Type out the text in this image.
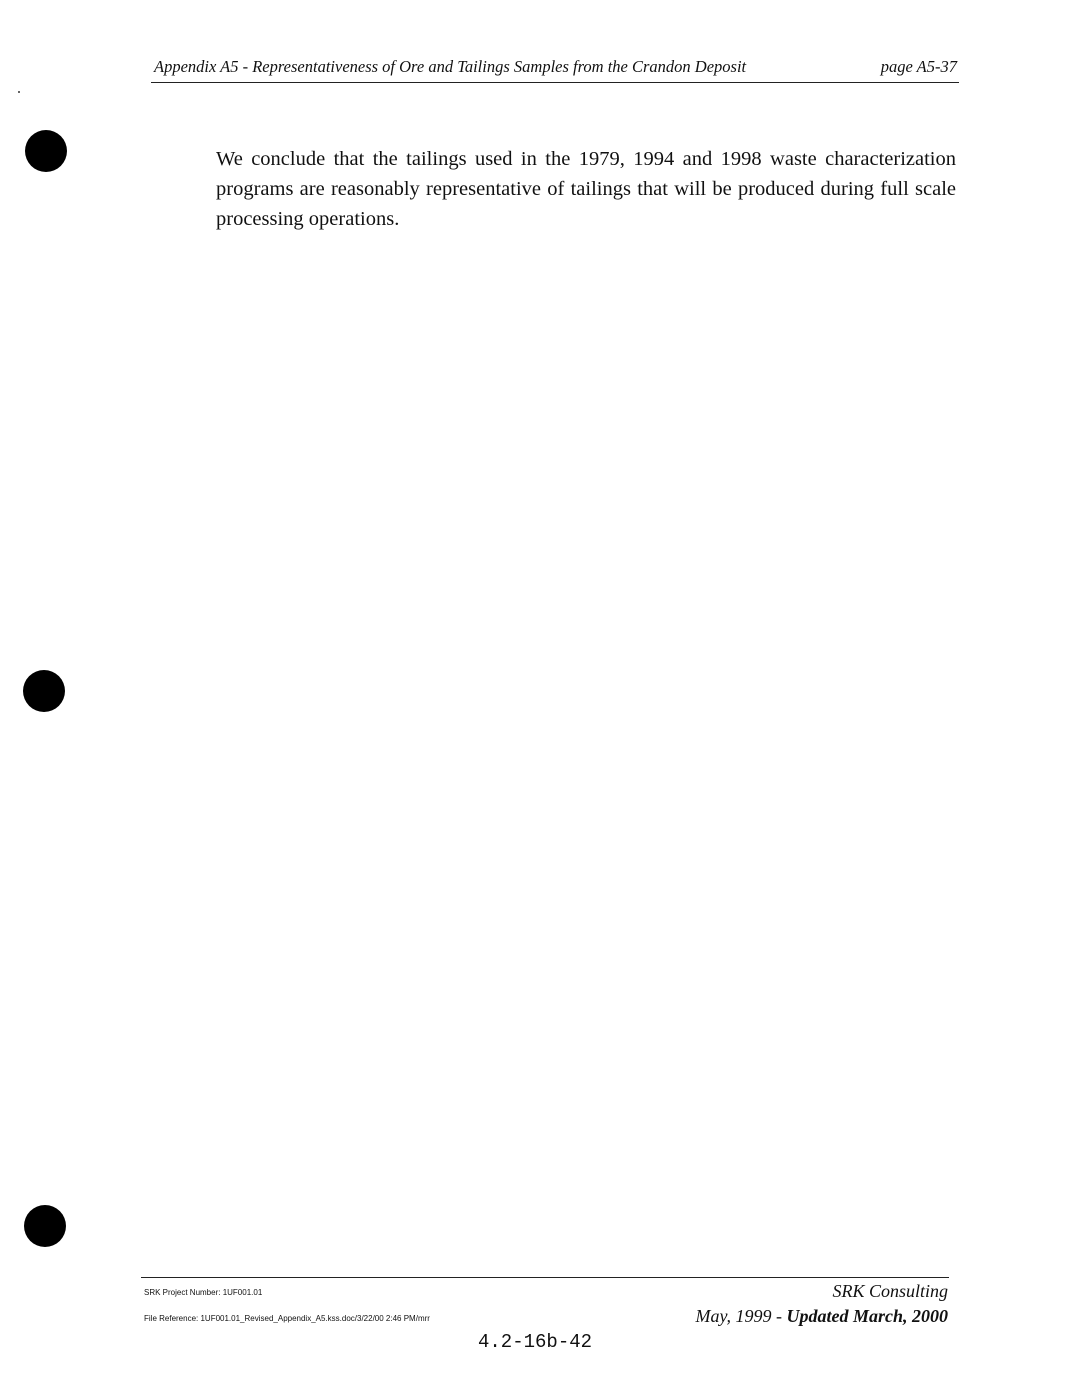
Appendix A5 - Representativeness of Ore and Tailings Samples from the Crandon Deposit	page A5-37

We conclude that the tailings used in the 1979, 1994 and 1998 waste characterization programs are reasonably representative of tailings that will be produced during full scale processing operations.

SRK Project Number: 1UF001.01
File Reference: 1UF001.01_Revised_Appendix_A5.kss.doc/3/22/00 2:46 PM/mrr
SRK Consulting
May, 1999 - Updated March, 2000
4.2-16b-42
